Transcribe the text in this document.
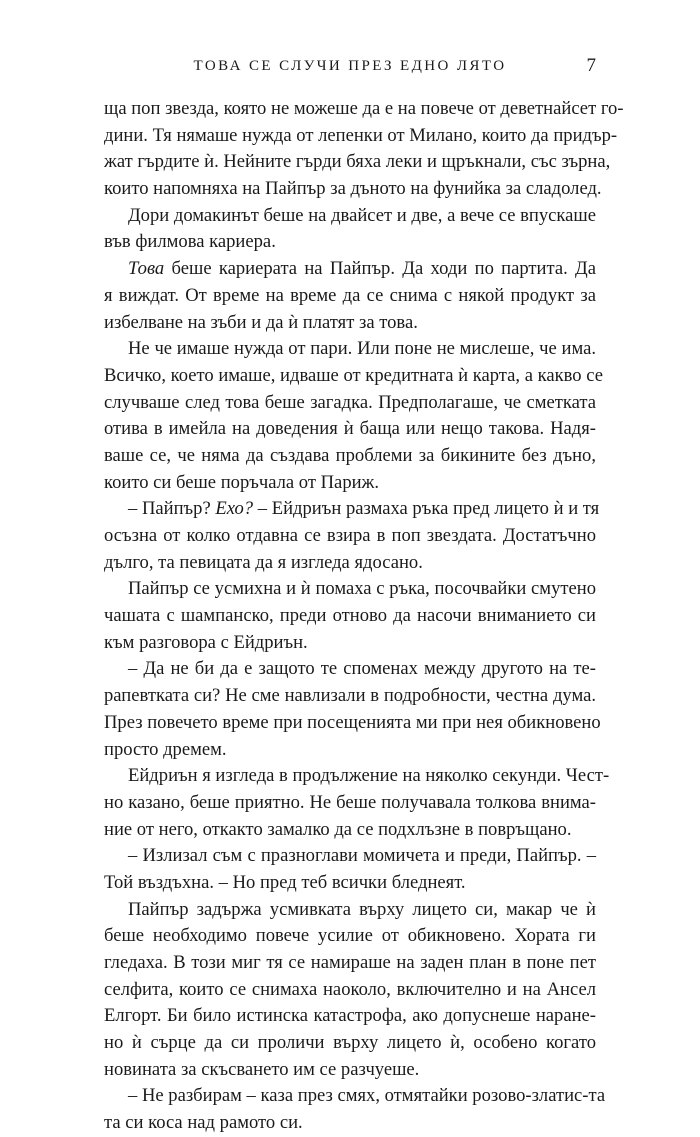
ТОВА СЕ СЛУЧИ ПРЕЗ ЕДНО ЛЯТО	7
ща поп звезда, която не можеше да е на повече от деветнайсет го-
дини. Тя нямаше нужда от лепенки от Милано, които да придър-
жат гърдите ѝ. Нейните гърди бяха леки и щръкнали, със зърна,
които напомняха на Пайпър за дъното на фунийка за сладолед.
Дори домакинът беше на двайсет и две, а вече се впускаше
във филмова кариера.
Това беше кариерата на Пайпър. Да ходи по партита. Да
я виждат. От време на време да се снима с някой продукт за
избелване на зъби и да ѝ платят за това.
Не че имаше нужда от пари. Или поне не мислеше, че има.
Всичко, което имаше, идваше от кредитната ѝ карта, а какво се
случваше след това беше загадка. Предполагаше, че сметката
отива в имейла на доведения ѝ баща или нещо такова. Надя-
ваше се, че няма да създава проблеми за бикините без дъно,
които си беше поръчала от Париж.
– Пайпър? Ехо? – Ейдриън размаха ръка пред лицето ѝ и тя
осъзна от колко отдавна се взира в поп звездата. Достатъчно
дълго, та певицата да я изгледа ядосано.
Пайпър се усмихна и ѝ помаха с ръка, посочвайки смутено
чашата с шампанско, преди отново да насочи вниманието си
към разговора с Ейдриън.
– Да не би да е защото те споменах между другото на те-
рапевтката си? Не сме навлизали в подробности, честна дума.
През повечето време при посещенията ми при нея обикновено
просто дремем.
Ейдриън я изгледа в продължение на няколко секунди. Чест-
но казано, беше приятно. Не беше получавала толкова внима-
ние от него, откакто замалко да се подхлъзне в повръщано.
– Излизал съм с празноглави момичета и преди, Пайпър. –
Той въздъхна. – Но пред теб всички бледнеят.
Пайпър задържа усмивката върху лицето си, макар че ѝ
беше необходимо повече усилие от обикновено. Хората ги
гледаха. В този миг тя се намираше на заден план в поне пет
селфита, които се снимаха наоколо, включително и на Ансел
Елгорт. Би било истинска катастрофа, ако допуснеше наране-
но ѝ сърце да си проличи върху лицето ѝ, особено когато
новината за скъсването им се разчуеше.
– Не разбирам – каза през смях, отмятайки розово-златис-та
та си коса над рамото си.
